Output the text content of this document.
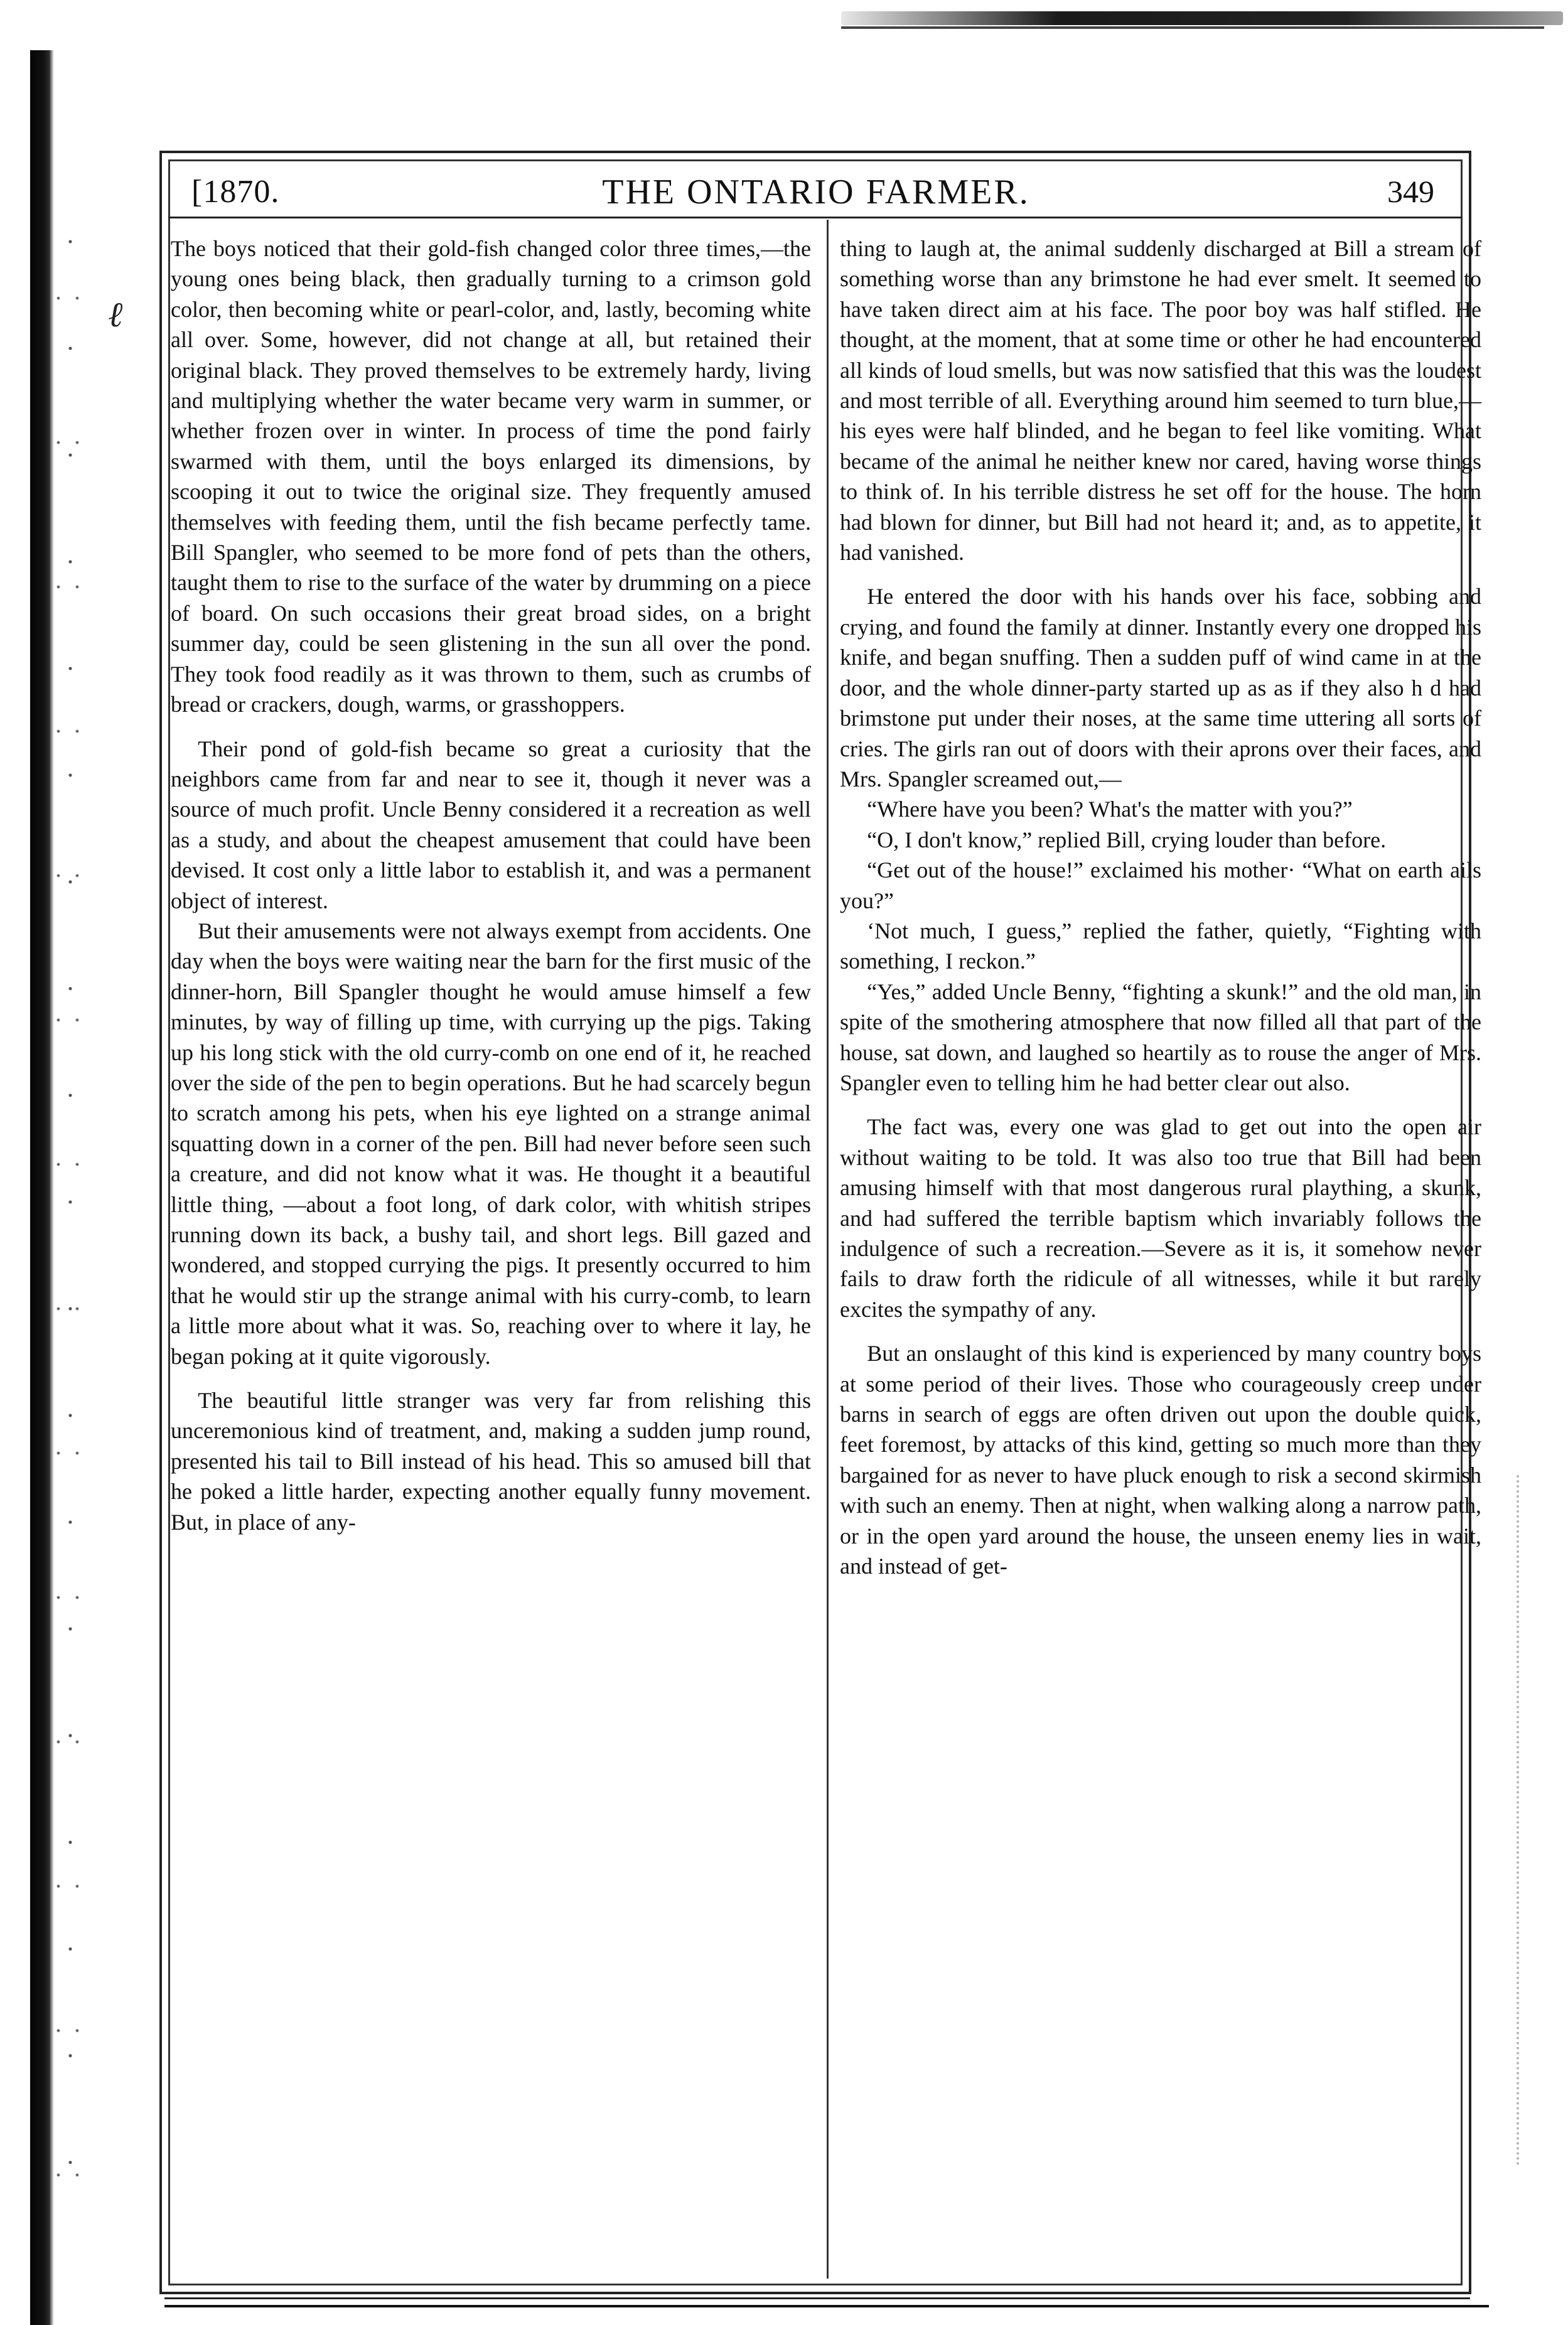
ℓ
[1870.	THE ONTARIO FARMER.	349

The boys noticed that their gold-fish changed color three times,—the young ones being black, then gradually turning to a crimson gold color, then becoming white or pearl-color, and, lastly, becoming white all over. Some, however, did not change at all, but retained their original black. They proved themselves to be extremely hardy, living and multiplying whether the water became very warm in summer, or whether frozen over in winter. In process of time the pond fairly swarmed with them, until the boys enlarged its dimensions, by scooping it out to twice the original size. They frequently amused themselves with feeding them, until the fish became perfectly tame. Bill Spangler, who seemed to be more fond of pets than the others, taught them to rise to the surface of the water by drumming on a piece of board. On such occasions their great broad sides, on a bright summer day, could be seen glistening in the sun all over the pond. They took food readily as it was thrown to them, such as crumbs of bread or crackers, dough, warms, or grasshoppers.

Their pond of gold-fish became so great a curiosity that the neighbors came from far and near to see it, though it never was a source of much profit. Uncle Benny considered it a recreation as well as a study, and about the cheapest amusement that could have been devised. It cost only a little labor to establish it, and was a permanent object of interest.

But their amusements were not always exempt from accidents. One day when the boys were waiting near the barn for the first music of the dinner-horn, Bill Spangler thought he would amuse himself a few minutes, by way of filling up time, with currying up the pigs. Taking up his long stick with the old curry-comb on one end of it, he reached over the side of the pen to begin operations. But he had scarcely begun to scratch among his pets, when his eye lighted on a strange animal squatting down in a corner of the pen. Bill had never before seen such a creature, and did not know what it was. He thought it a beautiful little thing, —about a foot long, of dark color, with whitish stripes running down its back, a bushy tail, and short legs. Bill gazed and wondered, and stopped currying the pigs. It presently occurred to him that he would stir up the strange animal with his curry-comb, to learn a little more about what it was. So, reaching over to where it lay, he began poking at it quite vigorously.

The beautiful little stranger was very far from relishing this unceremonious kind of treatment, and, making a sudden jump round, presented his tail to Bill instead of his head. This so amused bill that he poked a little harder, expecting another equally funny movement. But, in place of any-

thing to laugh at, the animal suddenly discharged at Bill a stream of something worse than any brimstone he had ever smelt. It seemed to have taken direct aim at his face. The poor boy was half stifled. He thought, at the moment, that at some time or other he had encountered all kinds of loud smells, but was now satisfied that this was the loudest and most terrible of all. Everything around him seemed to turn blue,—his eyes were half blinded, and he began to feel like vomiting. What became of the animal he neither knew nor cared, having worse things to think of. In his terrible distress he set off for the house. The horn had blown for dinner, but Bill had not heard it; and, as to appetite, it had vanished.

He entered the door with his hands over his face, sobbing and crying, and found the family at dinner. Instantly every one dropped his knife, and began snuffing. Then a sudden puff of wind came in at the door, and the whole dinner-party started up as as if they also h d had brimstone put under their noses, at the same time uttering all sorts of cries. The girls ran out of doors with their aprons over their faces, and Mrs. Spangler screamed out,—

“Where have you been? What's the matter with you?”

“O, I don't know,” replied Bill, crying louder than before.

“Get out of the house!” exclaimed his mother· “What on earth ails you?”

‘Not much, I guess,” replied the father, quietly, “Fighting with something, I reckon.”

“Yes,” added Uncle Benny, “fighting a skunk!” and the old man, in spite of the smothering atmosphere that now filled all that part of the house, sat down, and laughed so heartily as to rouse the anger of Mrs. Spangler even to telling him he had better clear out also.

The fact was, every one was glad to get out into the open air without waiting to be told. It was also too true that Bill had been amusing himself with that most dangerous rural plaything, a skunk, and had suffered the terrible baptism which invariably follows the indulgence of such a recreation.—Severe as it is, it somehow never fails to draw forth the ridicule of all witnesses, while it but rarely excites the sympathy of any.

But an onslaught of this kind is experienced by many country boys at some period of their lives. Those who courageously creep under barns in search of eggs are often driven out upon the double quick, feet foremost, by attacks of this kind, getting so much more than they bargained for as never to have pluck enough to risk a second skirmish with such an enemy. Then at night, when walking along a narrow path, or in the open yard around the house, the unseen enemy lies in wait, and instead of get-
